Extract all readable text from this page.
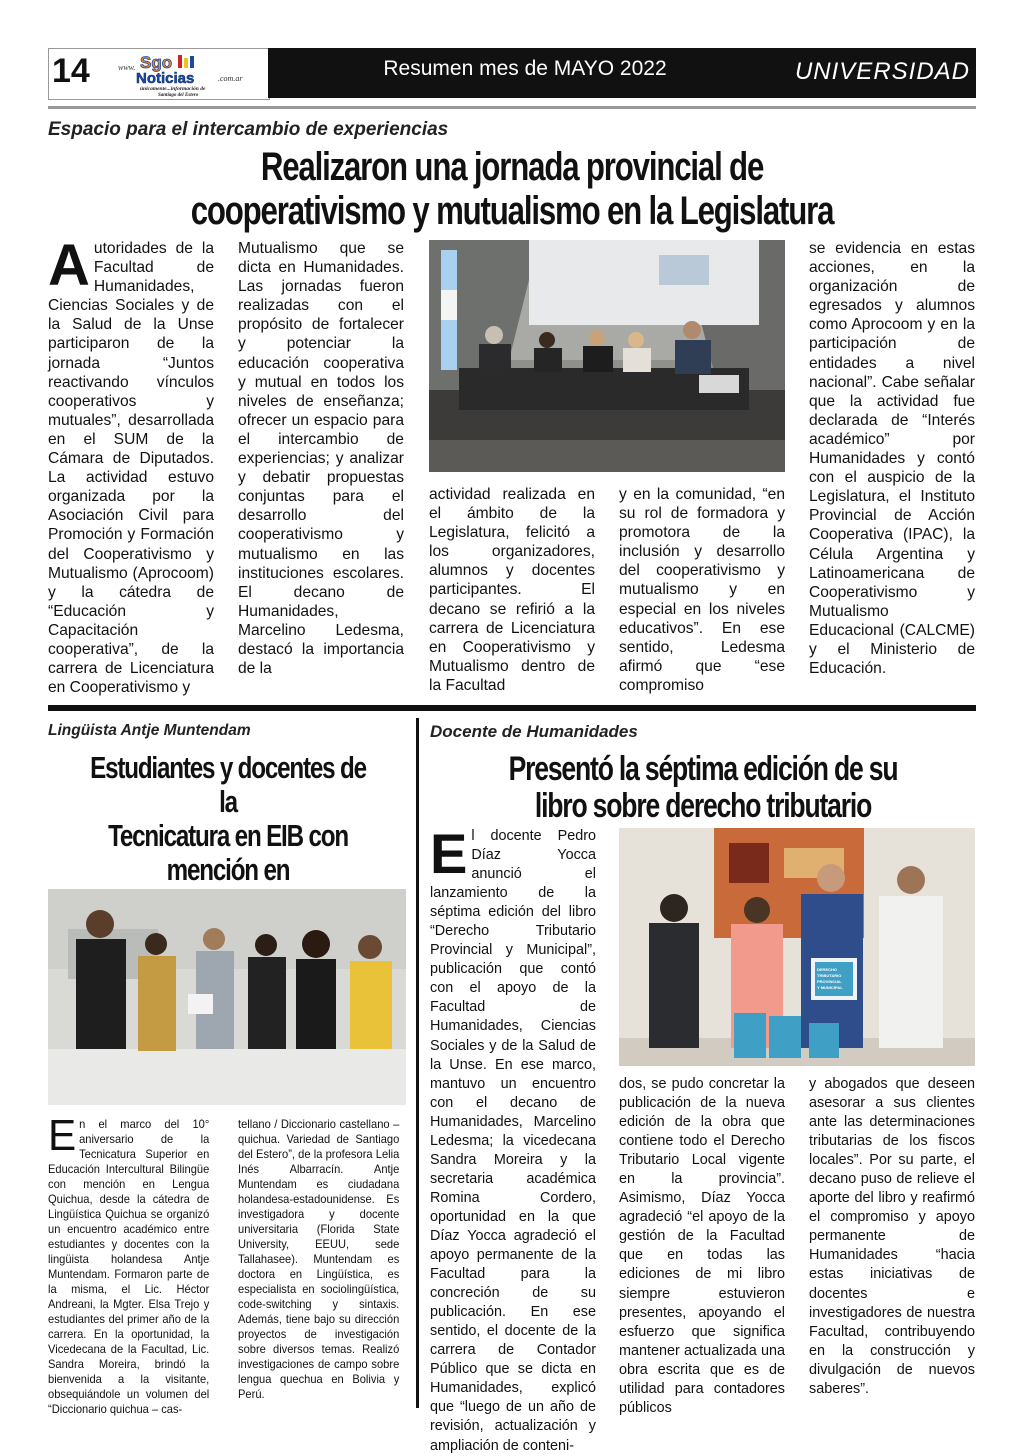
14	www. Sgo
Noticias	.com.ar
únicamente...información de
Santiago del Estero
Resumen mes de MAYO 2022	UNIVERSIDAD
Espacio para el intercambio de experiencias
Realizaron una jornada provincial de
cooperativismo y mutualismo en la Legislatura
A utoridades de la Facultad de Humanidades, Ciencias Sociales y de la Salud de la Unse participaron de la jornada “Juntos reactivando vínculos cooperativos y mutuales”, desarrollada en el SUM de la Cámara de Diputados. La actividad estuvo organizada por la Asociación Civil para Promoción y Formación del Cooperativismo y Mutualismo (Aprocoom) y la cátedra de “Educación y Capacitación cooperativa”, de la carrera de Licenciatura en Cooperativismo y
Mutualismo que se dicta en Humanidades. Las jornadas fueron realizadas con el propósito de fortalecer y potenciar la educación cooperativa y mutual en todos los niveles de enseñanza; ofrecer un espacio para el intercambio de experiencias; y analizar y debatir propuestas conjuntas para el desarrollo del cooperativismo y mutualismo en las instituciones escolares. El decano de Humanidades, Marcelino Ledesma, destacó la importancia de la
actividad realizada en el ámbito de la Legislatura, felicitó a los organizadores, alumnos y docentes participantes. El decano se refirió a la carrera de Licenciatura en Cooperativismo y Mutualismo dentro de la Facultad
y en la comunidad, “en su rol de formadora y promotora de la inclusión y desarrollo del cooperativismo y mutualismo y en especial en los niveles educativos”. En ese sentido, Ledesma afirmó que “ese compromiso
se evidencia en estas acciones, en la organización de egresados y alumnos como Aprocoom y en la participación de entidades a nivel nacional”. Cabe señalar que la actividad fue declarada de “Interés académico” por Humanidades y contó con el auspicio de la Legislatura, el Instituto Provincial de Acción Cooperativa (IPAC), la Célula Argentina y Latinoamericana de Cooperativismo y Mutualismo Educacional (CALCME) y el Ministerio de Educación.
Lingüista Antje Muntendam
Estudiantes y docentes de la
Tecnicatura en EIB con mención en
E n el marco del 10° aniversario de la Tecnicatura Superior en Educación Intercultural Bilingüe con mención en Lengua Quichua, desde la cátedra de Lingüística Quichua se organizó un encuentro académico entre estudiantes y docentes con la lingüista holandesa Antje Muntendam. Formaron parte de la misma, el Lic. Héctor Andreani, la Mgter. Elsa Trejo y estudiantes del primer año de la carrera. En la oportunidad, la Vicedecana de la Facultad, Lic. Sandra Moreira, brindó la bienvenida a la visitante, obsequiándole un volumen del “Diccionario quichua – cas-
tellano / Diccionario castellano – quichua. Variedad de Santiago del Estero”, de la profesora Lelia Inés Albarracín. Antje Muntendam es ciudadana holandesa-estadounidense. Es investigadora y docente universitaria (Florida State University, EEUU, sede Tallahasee). Muntendam es doctora en Lingüística, es especialista en sociolingüística, code-switching y sintaxis. Además, tiene bajo su dirección proyectos de investigación sobre diversos temas. Realizó investigaciones de campo sobre lengua quechua en Bolivia y Perú.
Docente de Humanidades
Presentó la séptima edición de su
libro sobre derecho tributario
E l docente Pedro Díaz Yocca anunció el lanzamiento de la séptima edición del libro “Derecho Tributario Provincial y Municipal”, publicación que contó con el apoyo de la Facultad de Humanidades, Ciencias Sociales y de la Salud de la Unse. En ese marco, mantuvo un encuentro con el decano de Humanidades, Marcelino Ledesma; la vicedecana Sandra Moreira y la secretaria académica Romina Cordero, oportunidad en la que Díaz Yocca agradeció el apoyo permanente de la Facultad para la concreción de su publicación. En ese sentido, el docente de la carrera de Contador Público que se dicta en Humanidades, explicó que “luego de un año de revisión, actualización y ampliación de conteni-
DERECHO
TRIBUTARIO
PROVINCIAL
Y MUNICIPAL
dos, se pudo concretar la publicación de la nueva edición de la obra que contiene todo el Derecho Tributario Local vigente en la provincia”. Asimismo, Díaz Yocca agradeció “el apoyo de la gestión de la Facultad que en todas las ediciones de mi libro siempre estuvieron presentes, apoyando el esfuerzo que significa mantener actualizada una obra escrita que es de utilidad para contadores públicos
y abogados que deseen asesorar a sus clientes ante las determinaciones tributarias de los fiscos locales”. Por su parte, el decano puso de relieve el aporte del libro y reafirmó el compromiso y apoyo permanente de Humanidades “hacia estas iniciativas de docentes e investigadores de nuestra Facultad, contribuyendo en la construcción y divulgación de nuevos saberes”.
